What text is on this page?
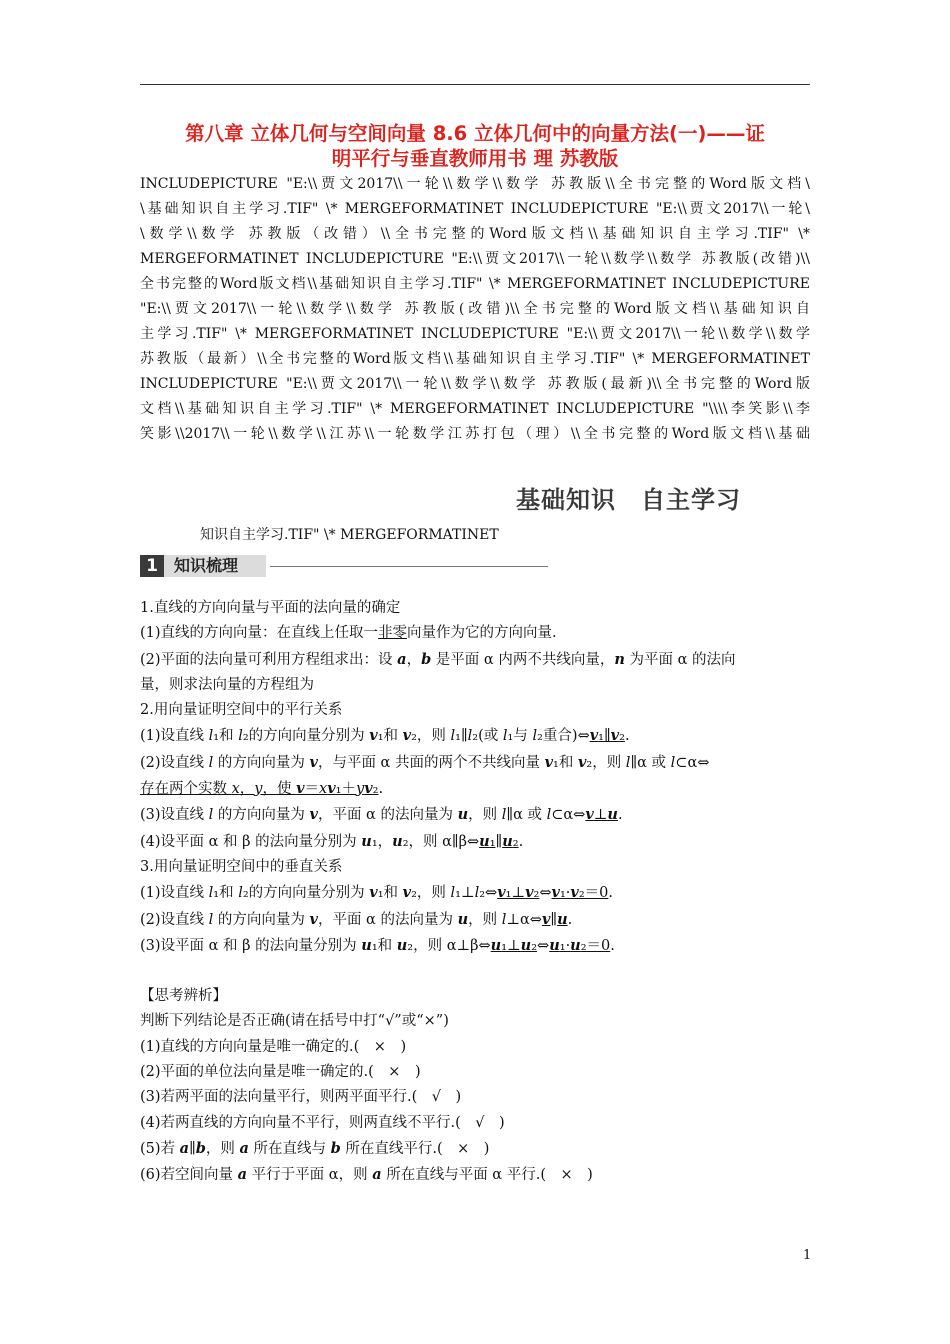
第八章 立体几何与空间向量 8.6 立体几何中的向量方法(一)——证
明平行与垂直教师用书 理 苏教版
INCLUDEPICTURE "E:\\贾文2017\\一轮\\数学\\数学 苏教版\\全书完整的Word版文档\
\基础知识自主学习.TIF" \* MERGEFORMATINET INCLUDEPICTURE "E:\\贾文2017\\一轮\
\数学\\数学 苏教版（改错）\\全书完整的Word版文档\\基础知识自主学习.TIF" \*
MERGEFORMATINET INCLUDEPICTURE "E:\\贾文2017\\一轮\\数学\\数学 苏教版(改错)\\
全书完整的Word版文档\\基础知识自主学习.TIF" \* MERGEFORMATINET INCLUDEPICTURE
"E:\\贾文2017\\一轮\\数学\\数学 苏教版(改错)\\全书完整的Word版文档\\基础知识自
主学习.TIF" \* MERGEFORMATINET INCLUDEPICTURE "E:\\贾文2017\\一轮\\数学\\数学
苏教版（最新）\\全书完整的Word版文档\\基础知识自主学习.TIF" \* MERGEFORMATINET
INCLUDEPICTURE "E:\\贾文2017\\一轮\\数学\\数学 苏教版(最新)\\全书完整的Word版
文档\\基础知识自主学习.TIF" \* MERGEFORMATINET INCLUDEPICTURE "\\\\李笑影\\李
笑影\\2017\\一轮\\数学\\江苏\\一轮数学江苏打包（理）\\全书完整的Word版文档\\基础
基础知识　自主学习
知识自主学习.TIF" \* MERGEFORMATINET
1	知识梳理

1.直线的方向向量与平面的法向量的确定

(1)直线的方向向量：在直线上任取一非零向量作为它的方向向量.

(2)平面的法向量可利用方程组求出：设 a，b 是平面 α 内两不共线向量，n 为平面 α 的法向

量，则求法向量的方程组为

2.用向量证明空间中的平行关系

(1)设直线 l₁和 l₂的方向向量分别为 v₁和 v₂，则 l₁∥l₂(或 l₁与 l₂重合)⇔v₁∥v₂.

(2)设直线 l 的方向向量为 v，与平面 α 共面的两个不共线向量 v₁和 v₂，则 l∥α 或 l⊂α⇔

存在两个实数 x，y，使 v＝xv₁＋yv₂.

(3)设直线 l 的方向向量为 v，平面 α 的法向量为 u，则 l∥α 或 l⊂α⇔v⊥u.

(4)设平面 α 和 β 的法向量分别为 u₁，u₂，则 α∥β⇔u₁∥u₂.

3.用向量证明空间中的垂直关系

(1)设直线 l₁和 l₂的方向向量分别为 v₁和 v₂，则 l₁⊥l₂⇔v₁⊥v₂⇔v₁·v₂＝0.

(2)设直线 l 的方向向量为 v，平面 α 的法向量为 u，则 l⊥α⇔v∥u.

(3)设平面 α 和 β 的法向量分别为 u₁和 u₂，则 α⊥β⇔u₁⊥u₂⇔u₁·u₂＝0.

【思考辨析】

判断下列结论是否正确(请在括号中打“√”或“×”)

(1)直线的方向向量是唯一确定的.(　×　)

(2)平面的单位法向量是唯一确定的.(　×　)

(3)若两平面的法向量平行，则两平面平行.(　√　)

(4)若两直线的方向向量不平行，则两直线不平行.(　√　)

(5)若 a∥b，则 a 所在直线与 b 所在直线平行.(　×　)

(6)若空间向量 a 平行于平面 α，则 a 所在直线与平面 α 平行.(　×　)

1
